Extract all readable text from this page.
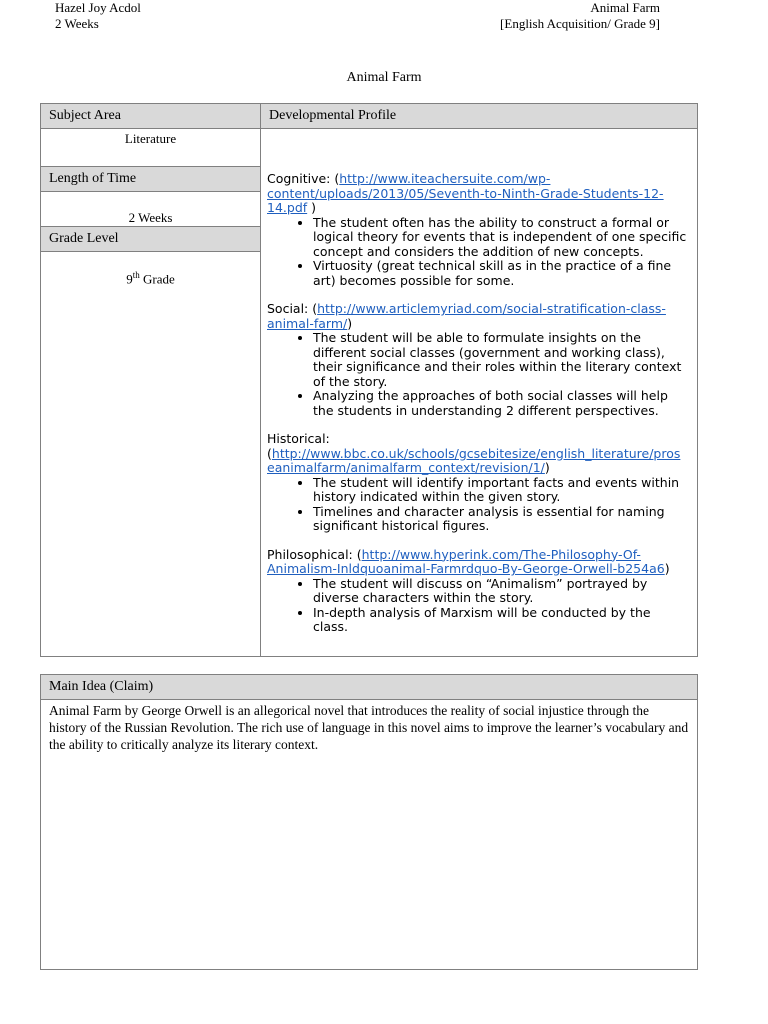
Hazel Joy Acdol
2 Weeks
Animal Farm
[English Acquisition/ Grade 9]
Animal Farm
Subject Area
Literature
Length of Time
2 Weeks
Grade Level
9th Grade
Developmental Profile
Cognitive: (http://www.iteachersuite.com/wp-content/uploads/2013/05/Seventh-to-Ninth-Grade-Students-12-14.pdf )
• The student often has the ability to construct a formal or logical theory for events that is independent of one specific concept and considers the addition of new concepts.
• Virtuosity (great technical skill as in the practice of a fine art) becomes possible for some.
Social: (http://www.articlemyriad.com/social-stratification-class-animal-farm/)
• The student will be able to formulate insights on the different social classes (government and working class), their significance and their roles within the literary context of the story.
• Analyzing the approaches of both social classes will help the students in understanding 2 different perspectives.
Historical:
(http://www.bbc.co.uk/schools/gcsebitesize/english_literature/proseanimalfarm/animalfarm_context/revision/1/)
• The student will identify important facts and events within history indicated within the given story.
• Timelines and character analysis is essential for naming significant historical figures.
Philosophical: (http://www.hyperink.com/The-Philosophy-Of-Animalism-Inldquoanimal-Farmrdquo-By-George-Orwell-b254a6)
• The student will discuss on “Animalism” portrayed by diverse characters within the story.
• In-depth analysis of Marxism will be conducted by the class.
Main Idea (Claim)
Animal Farm by George Orwell is an allegorical novel that introduces the reality of social injustice through the history of the Russian Revolution. The rich use of language in this novel aims to improve the learner’s vocabulary and the ability to critically analyze its literary context.
